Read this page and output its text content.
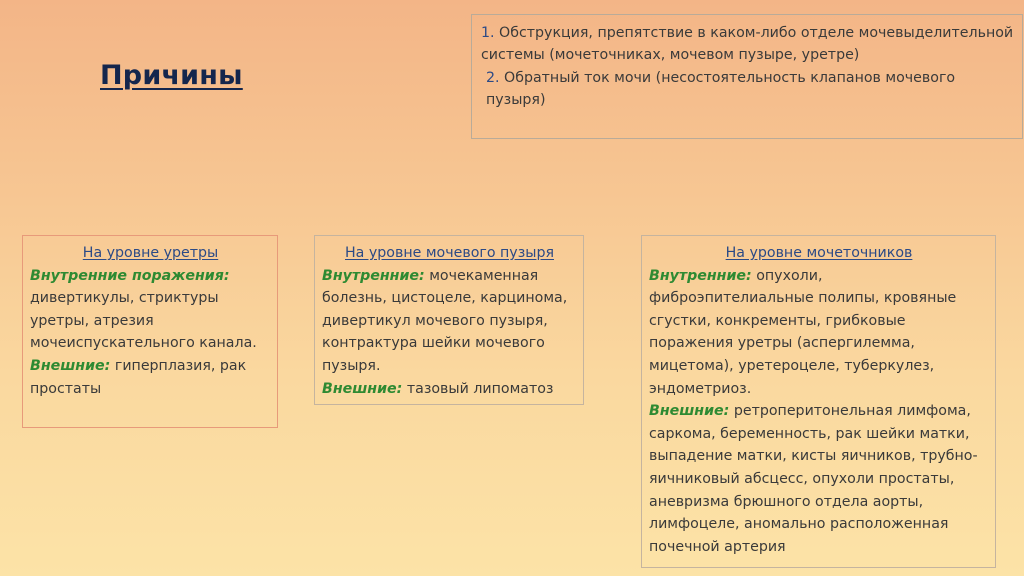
Причины

1. Обструкция, препятствие в каком-либо отделе мочевыделительной системы (мочеточниках, мочевом пузыре, уретре)

2. Обратный ток мочи (несостоятельность клапанов мочевого пузыря)

На уровне уретры

Внутренние поражения: дивертикулы, стриктуры уретры, атрезия мочеиспускательного канала.

Внешние: гиперплазия, рак простаты

На уровне мочевого пузыря

Внутренние: мочекаменная болезнь, цистоцеле, карцинома, дивертикул мочевого пузыря, контрактура шейки мочевого пузыря.

Внешние: тазовый липоматоз

На уровне мочеточников

Внутренние: опухоли, фиброэпителиальные полипы, кровяные сгустки, конкременты, грибковые поражения уретры (аспергилемма, мицетома), уретероцеле, туберкулез, эндометриоз.

Внешние: ретроперитонельная лимфома, саркома, беременность, рак шейки матки, выпадение матки, кисты яичников, трубно-яичниковый абсцесс, опухоли простаты, аневризма брюшного отдела аорты, лимфоцеле, аномально расположенная почечной артерия
